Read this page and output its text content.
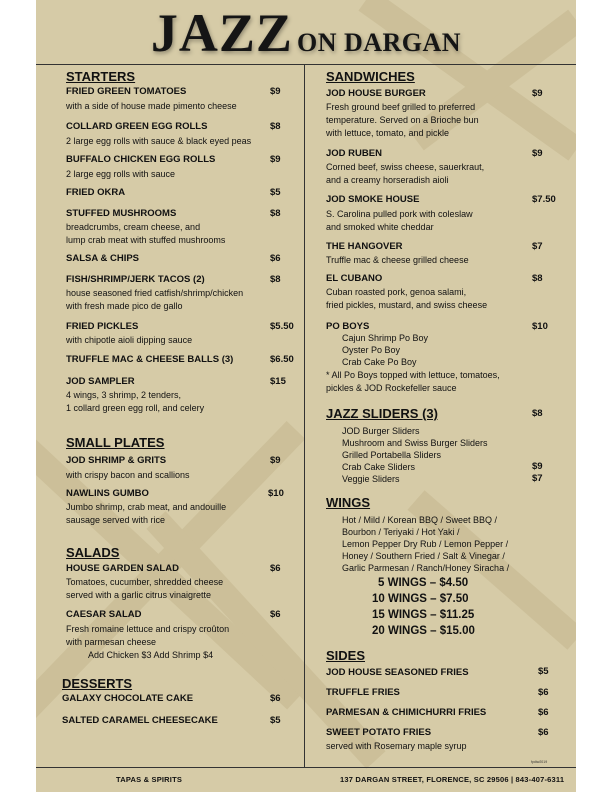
JAZZ ON DARGAN
STARTERS
FRIED GREEN TOMATOES	$9
with a side of house made pimento cheese
COLLARD GREEN EGG ROLLS	$8
2 large egg rolls with sauce & black eyed peas
BUFFALO CHICKEN EGG ROLLS	$9
2 large egg rolls with sauce
FRIED OKRA	$5
STUFFED MUSHROOMS	$8
breadcrumbs, cream cheese, and
lump crab meat with stuffed mushrooms
SALSA & CHIPS	$6
FISH/SHRIMP/JERK TACOS (2)	$8
house seasoned fried catfish/shrimp/chicken
with fresh made pico de gallo
FRIED PICKLES	$5.50
with chipotle aioli dipping sauce
TRUFFLE MAC & CHEESE BALLS (3)	$6.50
JOD SAMPLER	$15
4 wings, 3 shrimp, 2 tenders,
1 collard green egg roll, and celery
SMALL PLATES
JOD SHRIMP & GRITS	$9
with crispy bacon and scallions
NAWLINS GUMBO	$10
Jumbo shrimp, crab meat, and andouille
sausage served with rice
SALADS
HOUSE GARDEN SALAD	$6
Tomatoes, cucumber, shredded cheese
served with a garlic citrus vinaigrette
CAESAR SALAD	$6
Fresh romaine lettuce and crispy croûton
with parmesan cheese
Add Chicken $3 Add Shrimp $4
DESSERTS
GALAXY CHOCOLATE CAKE	$6
SALTED CARAMEL CHEESECAKE	$5
SANDWICHES
JOD HOUSE BURGER	$9
Fresh ground beef grilled to preferred
temperature. Served on a Brioche bun
with lettuce, tomato, and pickle
JOD RUBEN	$9
Corned beef, swiss cheese, sauerkraut,
and a creamy horseradish aioli
JOD SMOKE HOUSE	$7.50
S. Carolina pulled pork with coleslaw
and smoked white cheddar
THE HANGOVER	$7
Truffle mac & cheese grilled cheese
EL CUBANO	$8
Cuban roasted pork, genoa salami,
fried pickles, mustard, and swiss cheese
PO BOYS	$10
Cajun Shrimp Po Boy
Oyster Po Boy
Crab Cake Po Boy
* All Po Boys topped with lettuce, tomatoes,
pickles & JOD Rockefeller sauce
JAZZ SLIDERS (3)	$8
JOD Burger Sliders
Mushroom and Swiss Burger Sliders
Grilled Portabella Sliders
Crab Cake Sliders	$9
Veggie Sliders	$7
WINGS
Hot / Mild / Korean BBQ / Sweet BBQ /
Bourbon / Teriyaki / Hot Yaki /
Lemon Pepper Dry Rub / Lemon Pepper /
Honey / Southern Fried / Salt & Vinegar /
Garlic Parmesan / Ranch/Honey Siracha /
5 WINGS – $4.50
10 WINGS – $7.50
15 WINGS – $11.25
20 WINGS – $15.00
SIDES
JOD HOUSE SEASONED FRIES	$5
TRUFFLE FRIES	$6
PARMESAN & CHIMICHURRI FRIES	$6
SWEET POTATO FRIES	$6
served with Rosemary maple syrup
fpdtw2019
TAPAS & SPIRITS	137 DARGAN STREET, FLORENCE, SC 29506 | 843-407-6311
